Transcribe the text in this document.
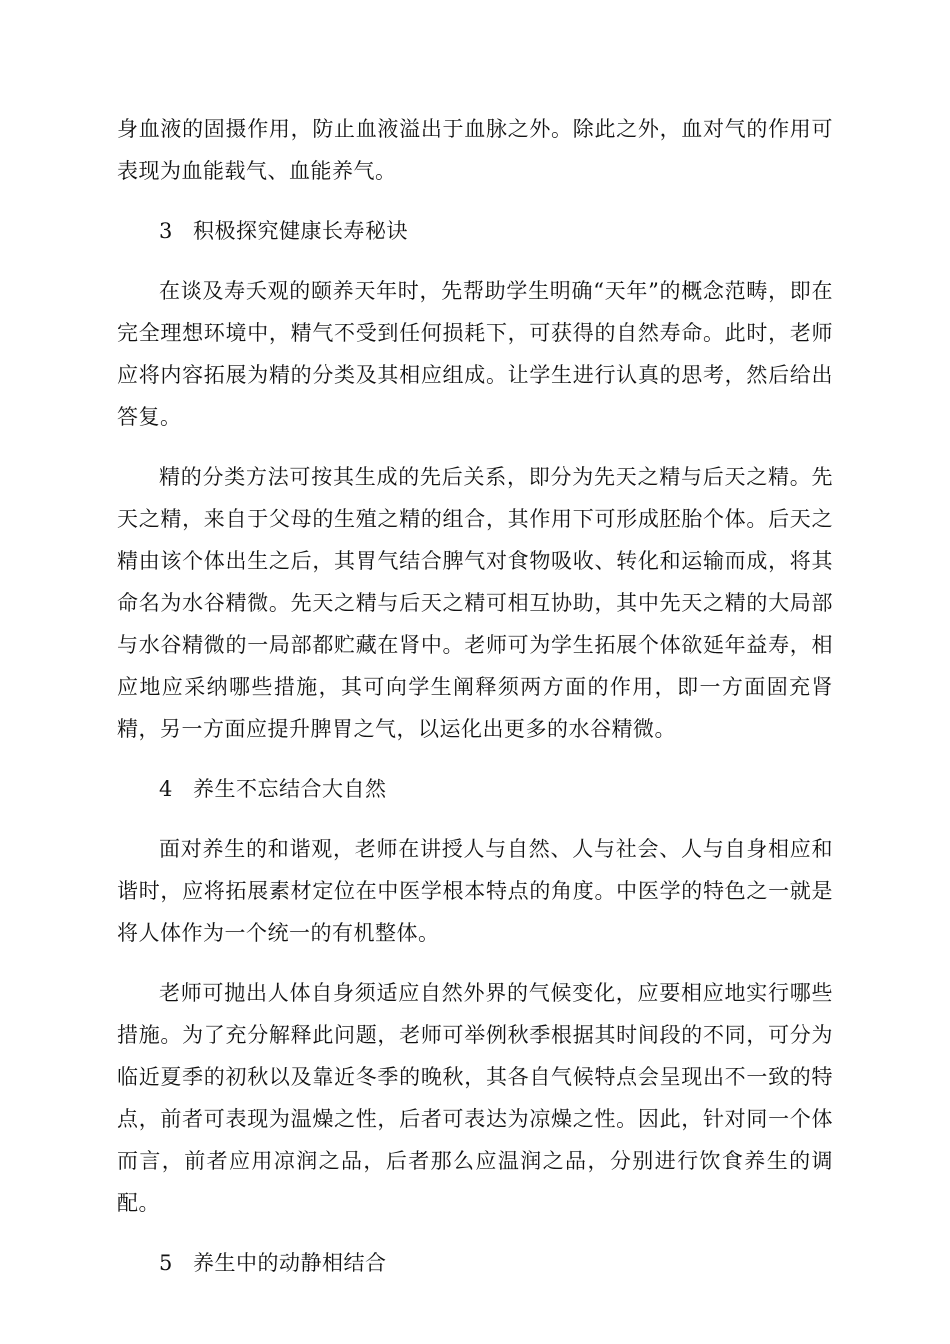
身血液的固摄作用，防止血液溢出于血脉之外。除此之外，血对气的作用可表现为血能载气、血能养气。

3 积极探究健康长寿秘诀

在谈及寿夭观的颐养天年时，先帮助学生明确“天年”的概念范畴，即在完全理想环境中，精气不受到任何损耗下，可获得的自然寿命。此时，老师应将内容拓展为精的分类及其相应组成。让学生进行认真的思考，然后给出答复。

精的分类方法可按其生成的先后关系，即分为先天之精与后天之精。先天之精，来自于父母的生殖之精的组合，其作用下可形成胚胎个体。后天之精由该个体出生之后，其胃气结合脾气对食物吸收、转化和运输而成，将其命名为水谷精微。先天之精与后天之精可相互协助，其中先天之精的大局部与水谷精微的一局部都贮藏在肾中。老师可为学生拓展个体欲延年益寿，相应地应采纳哪些措施，其可向学生阐释须两方面的作用，即一方面固充肾精，另一方面应提升脾胃之气，以运化出更多的水谷精微。

4 养生不忘结合大自然

面对养生的和谐观，老师在讲授人与自然、人与社会、人与自身相应和谐时，应将拓展素材定位在中医学根本特点的角度。中医学的特色之一就是将人体作为一个统一的有机整体。

老师可抛出人体自身须适应自然外界的气候变化，应要相应地实行哪些措施。为了充分解释此问题，老师可举例秋季根据其时间段的不同，可分为临近夏季的初秋以及靠近冬季的晚秋，其各自气候特点会呈现出不一致的特点，前者可表现为温燥之性，后者可表达为凉燥之性。因此，针对同一个体而言，前者应用凉润之品，后者那么应温润之品，分别进行饮食养生的调配。

5 养生中的动静相结合
